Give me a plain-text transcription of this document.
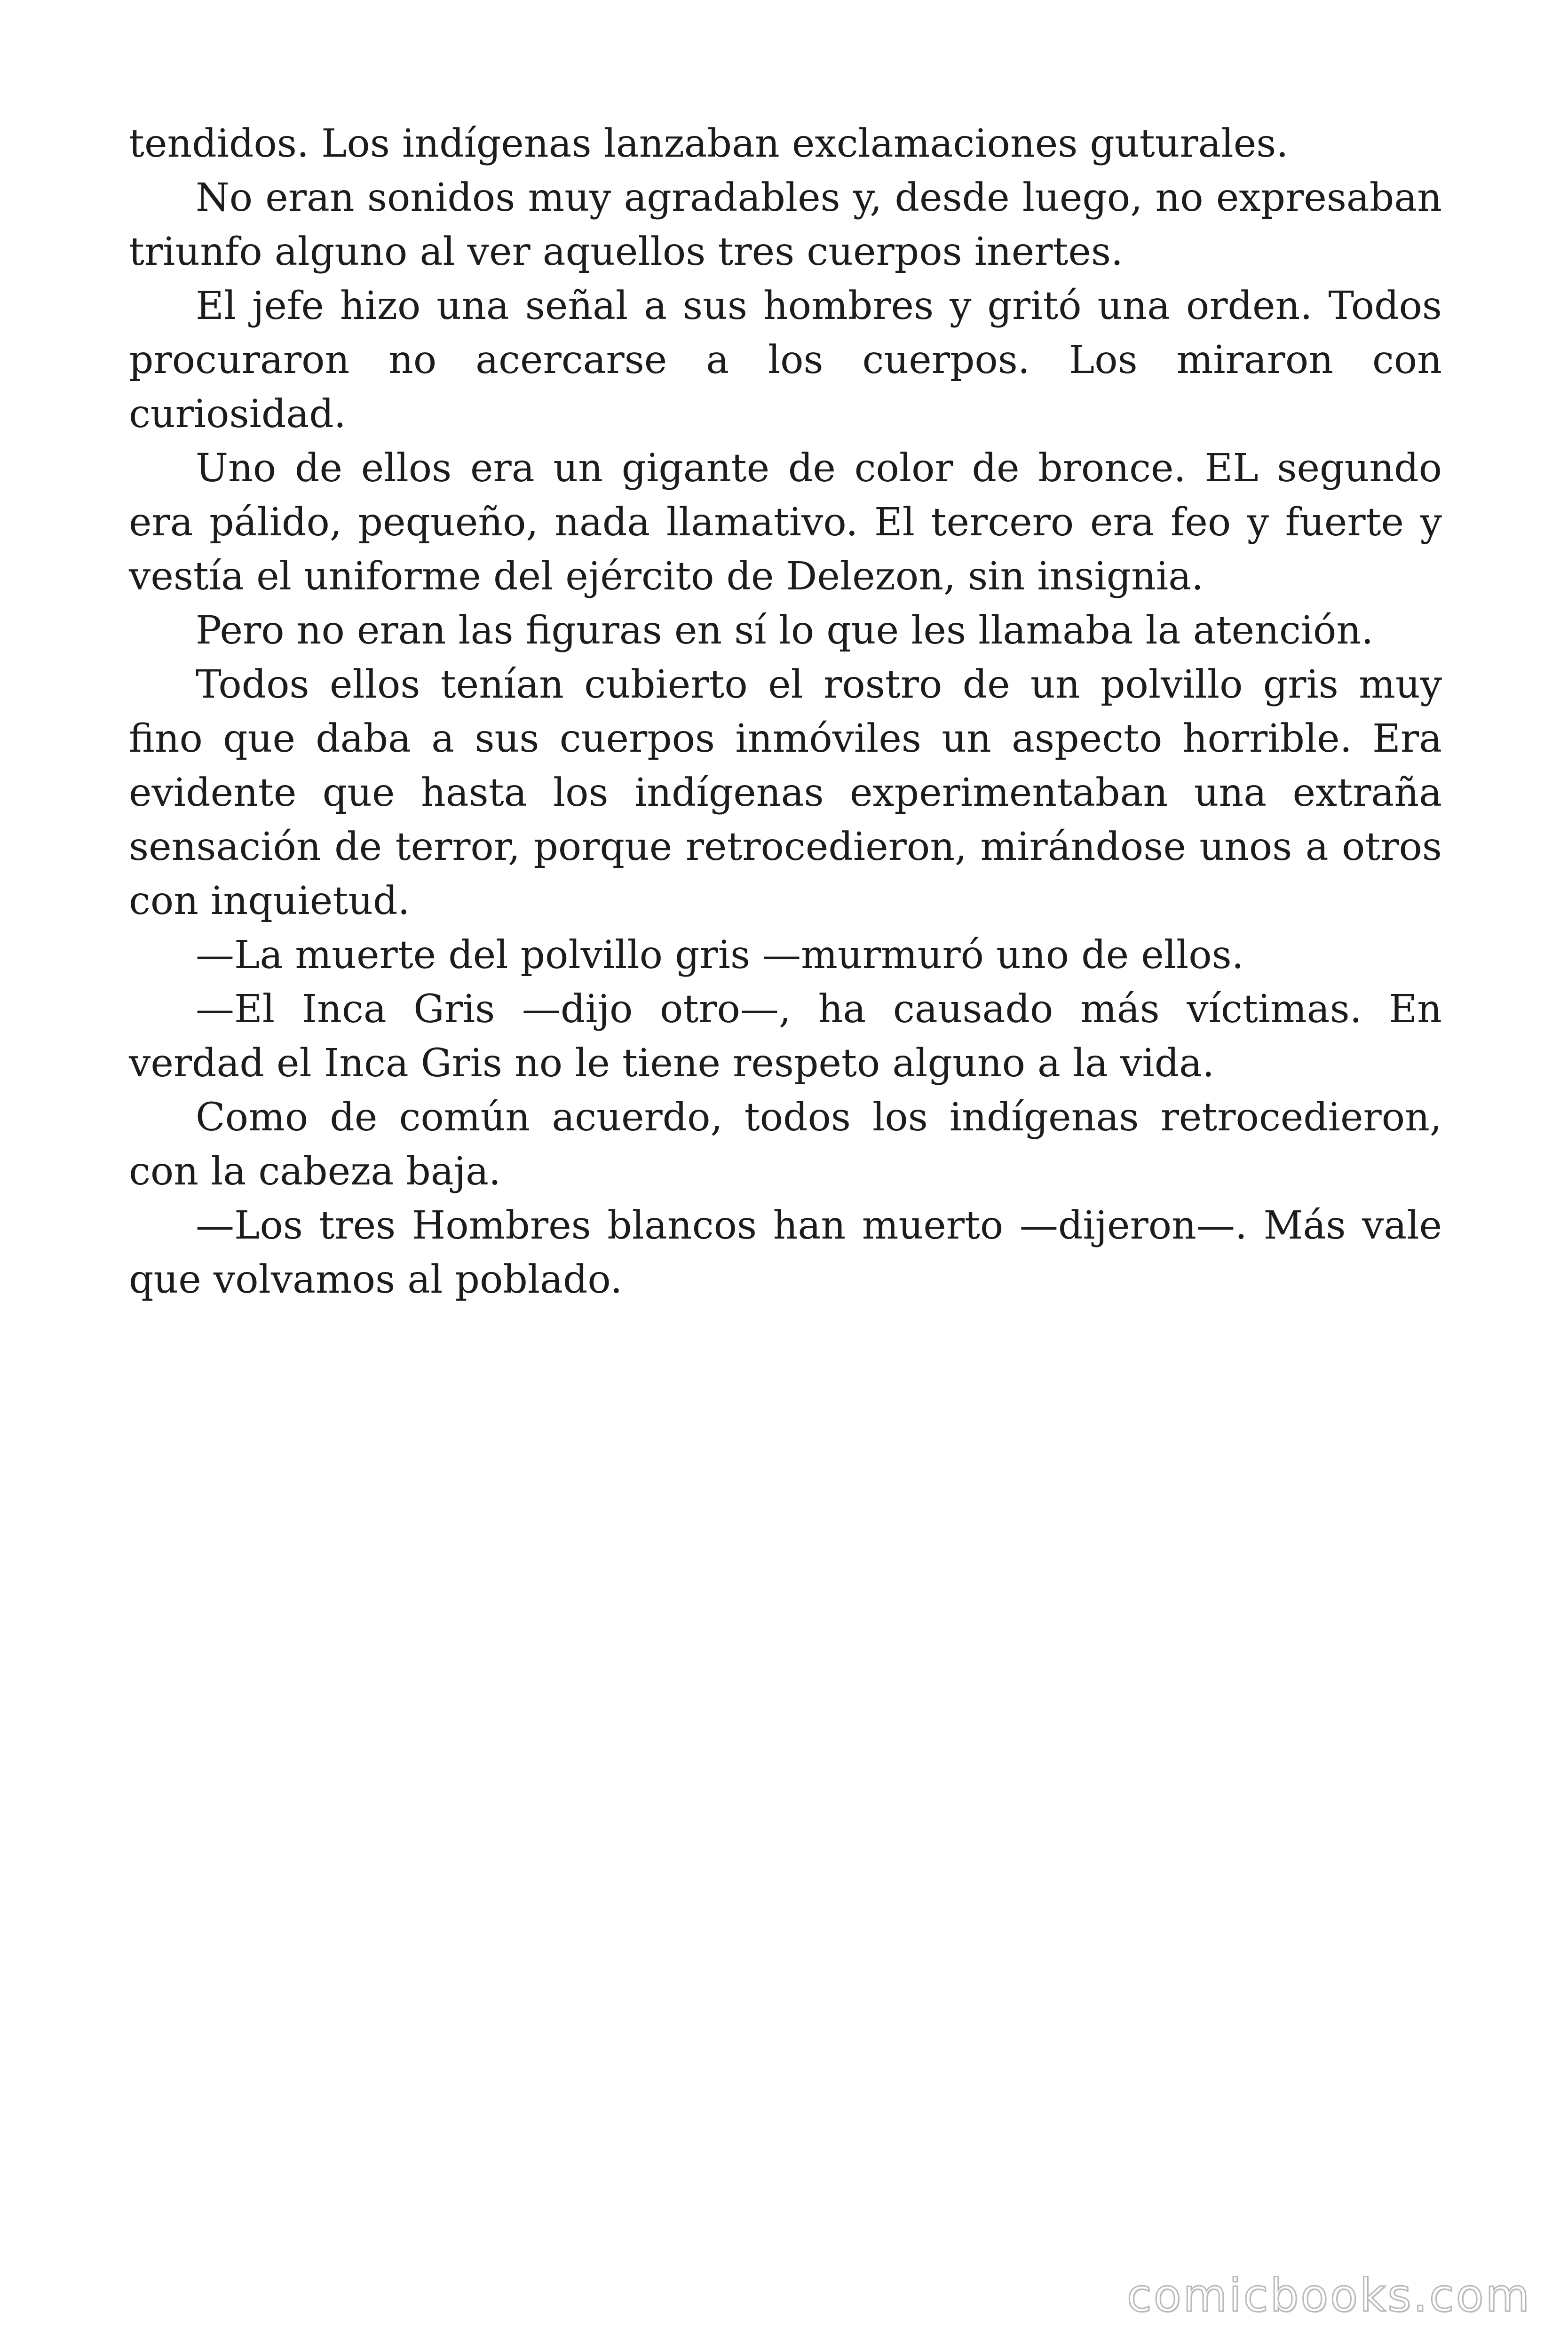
tendidos. Los indígenas lanzaban exclamaciones guturales.

No eran sonidos muy agradables y, desde luego, no expresaban triunfo alguno al ver aquellos tres cuerpos inertes.

El jefe hizo una señal a sus hombres y gritó una orden. Todos procuraron no acercarse a los cuerpos. Los miraron con curiosidad.

Uno de ellos era un gigante de color de bronce. EL segundo era pálido, pequeño, nada llamativo. El tercero era feo y fuerte y vestía el uniforme del ejército de Delezon, sin insignia.

Pero no eran las figuras en sí lo que les llamaba la atención.

Todos ellos tenían cubierto el rostro de un polvillo gris muy fino que daba a sus cuerpos inmóviles un aspecto horrible. Era evidente que hasta los indígenas experimentaban una extraña sensación de terror, porque retrocedieron, mirándose unos a otros con inquietud.

—La muerte del polvillo gris —murmuró uno de ellos.

—El Inca Gris —dijo otro—, ha causado más víctimas. En verdad el Inca Gris no le tiene respeto alguno a la vida.

Como de común acuerdo, todos los indígenas retrocedieron, con la cabeza baja.

—Los tres Hombres blancos han muerto —dijeron—. Más vale que volvamos al poblado.

comicbooks.com
